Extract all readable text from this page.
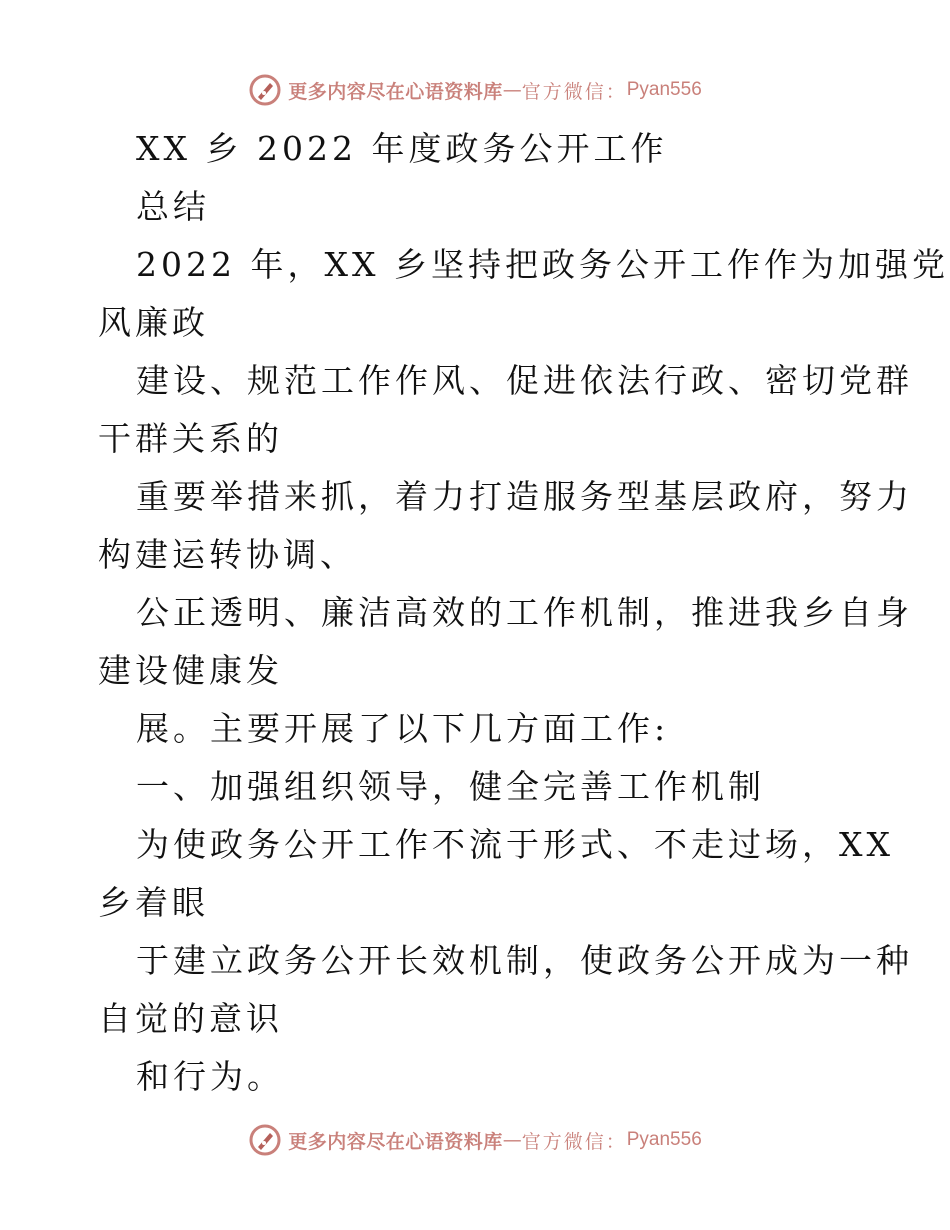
更多内容尽在心语资料库 — 官方微信： Pyan556
XX 乡 2022 年度政务公开工作
总结
2022 年，XX 乡坚持把政务公开工作作为加强党
风廉政
建设、规范工作作风、促进依法行政、密切党群
干群关系的
重要举措来抓，着力打造服务型基层政府，努力
构建运转协调、
公正透明、廉洁高效的工作机制，推进我乡自身
建设健康发
展。主要开展了以下几方面工作:
一、加强组织领导，健全完善工作机制
为使政务公开工作不流于形式、不走过场，XX
乡着眼
于建立政务公开长效机制，使政务公开成为一种
自觉的意识
和行为。
更多内容尽在心语资料库 — 官方微信： Pyan556
